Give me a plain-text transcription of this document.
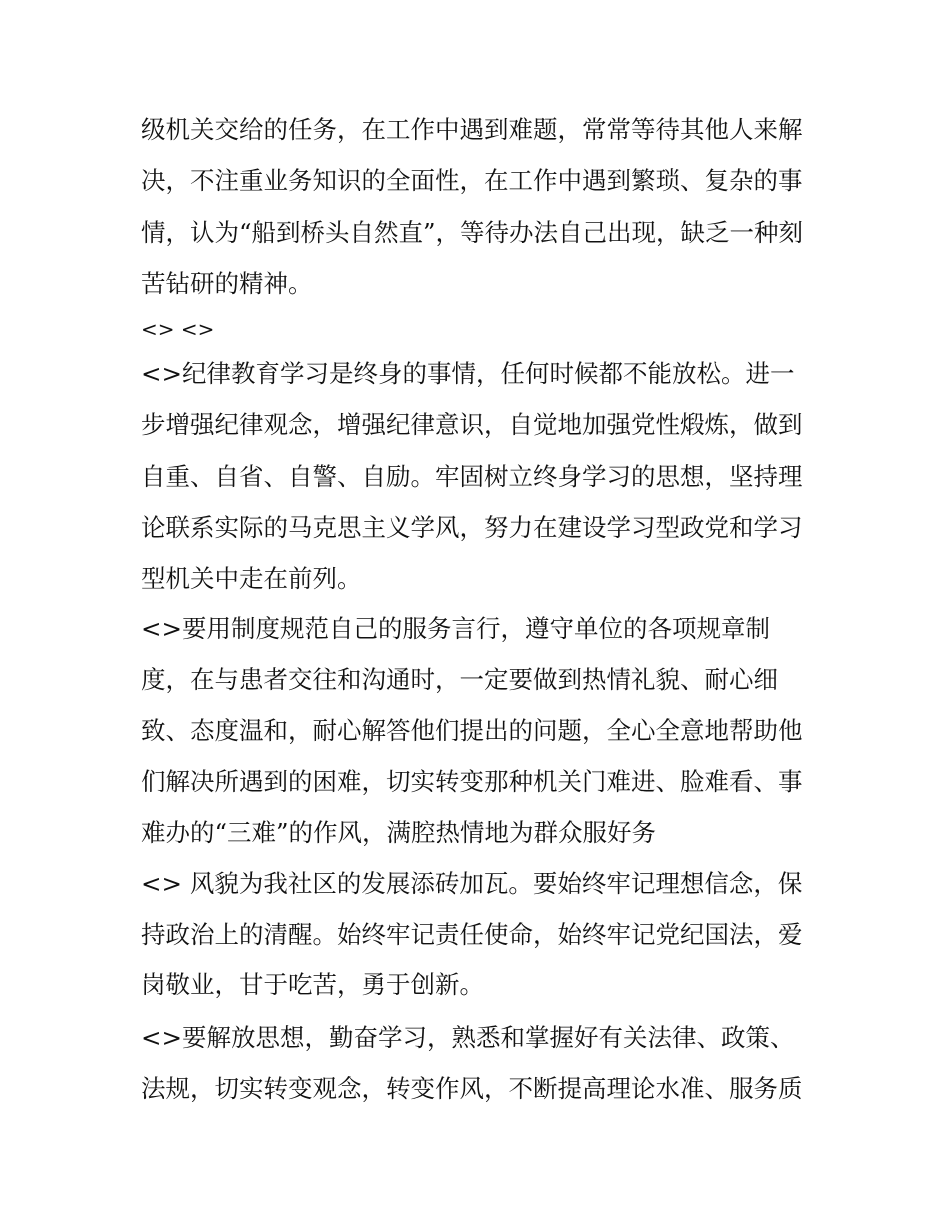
级机关交给的任务，在工作中遇到难题，常常等待其他人来解
决，不注重业务知识的全面性，在工作中遇到繁琐、复杂的事
情，认为“船到桥头自然直”，等待办法自己出现，缺乏一种刻
苦钻研的精神。
<> <>
<>纪律教育学习是终身的事情，任何时候都不能放松。进一
步增强纪律观念，增强纪律意识，自觉地加强党性煅炼，做到
自重、自省、自警、自励。牢固树立终身学习的思想，坚持理
论联系实际的马克思主义学风，努力在建设学习型政党和学习
型机关中走在前列。
<>要用制度规范自己的服务言行，遵守单位的各项规章制
度，在与患者交往和沟通时，一定要做到热情礼貌、耐心细
致、态度温和，耐心解答他们提出的问题，全心全意地帮助他
们解决所遇到的困难，切实转变那种机关门难进、脸难看、事
难办的“三难”的作风，满腔热情地为群众服好务
<> 风貌为我社区的发展添砖加瓦。要始终牢记理想信念，保
持政治上的清醒。始终牢记责任使命，始终牢记党纪国法，爱
岗敬业，甘于吃苦，勇于创新。
<>要解放思想，勤奋学习，熟悉和掌握好有关法律、政策、
法规，切实转变观念，转变作风，不断提高理论水准、服务质
